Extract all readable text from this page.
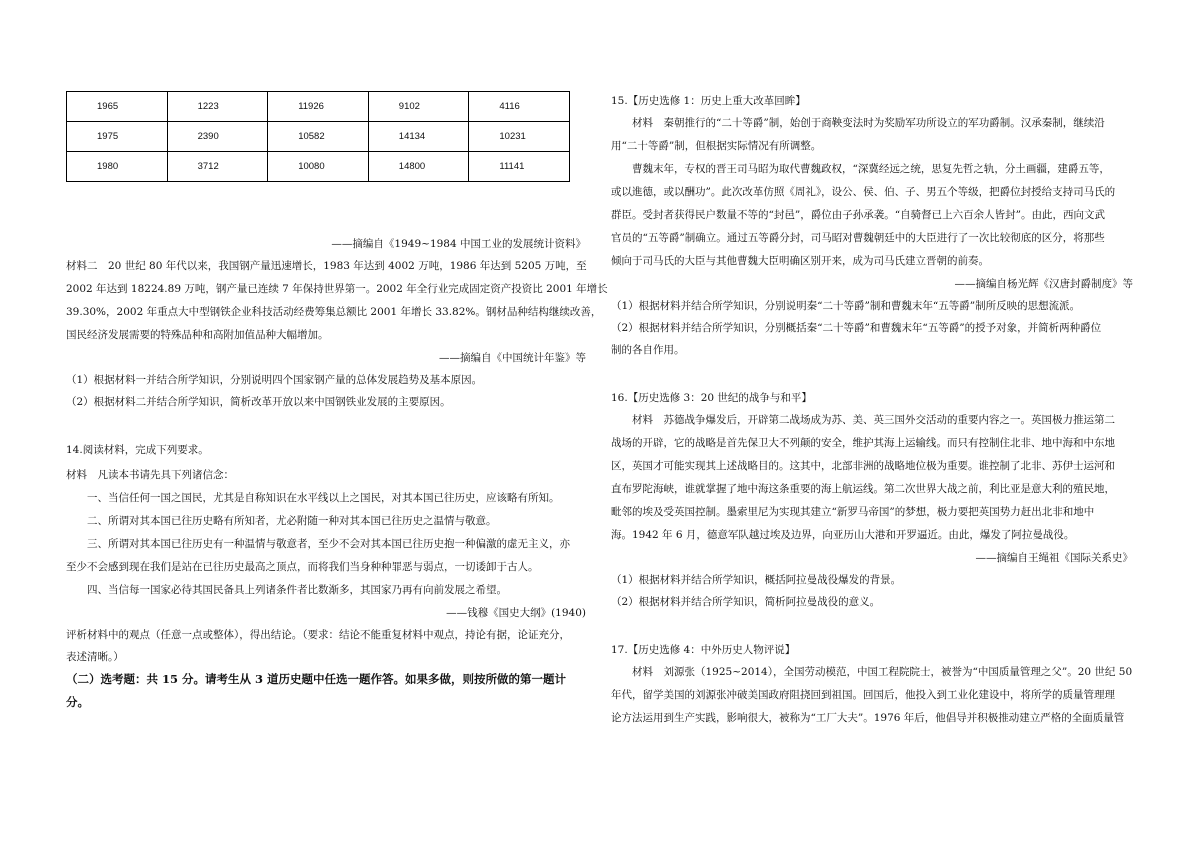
1965	1223	11926	9102	4116
1975	2390	10582	14134	10231
1980	3712	10080	14800	11141
——摘编自《1949~1984 中国工业的发展统计资料》

材料二　20 世纪 80 年代以来，我国钢产量迅速增长，1983 年达到 4002 万吨，1986 年达到 5205 万吨，至

2002 年达到 18224.89 万吨，钢产量已连续 7 年保持世界第一。2002 年全行业完成固定资产投资比 2001 年增长

39.30%，2002 年重点大中型钢铁企业科技活动经费筹集总额比 2001 年增长 33.82%。钢材品种结构继续改善，

国民经济发展需要的特殊品种和高附加值品种大幅增加。

——摘编自《中国统计年鉴》等

（1）根据材料一并结合所学知识，分别说明四个国家钢产量的总体发展趋势及基本原因。

（2）根据材料二并结合所学知识，简析改革开放以来中国钢铁业发展的主要原因。

14.阅读材料，完成下列要求。

材料　凡读本书请先具下列诸信念：

一、当信任何一国之国民，尤其是自称知识在水平线以上之国民，对其本国已往历史，应该略有所知。

二、所谓对其本国已往历史略有所知者，尤必附随一种对其本国已往历史之温情与敬意。

三、所谓对其本国已往历史有一种温情与敬意者，至少不会对其本国已往历史抱一种偏激的虚无主义，亦

至少不会感到现在我们是站在已往历史最高之顶点，而将我们当身种种罪恶与弱点，一切诿卸于古人。

四、当信每一国家必待其国民备具上列诸条件者比数渐多，其国家乃再有向前发展之希望。

——钱穆《国史大纲》(1940)

评析材料中的观点（任意一点或整体），得出结论。（要求：结论不能重复材料中观点，持论有据，论证充分，

表述清晰。）

（二）选考题：共 15 分。请考生从 3 道历史题中任选一题作答。如果多做，则按所做的第一题计

分。

15.【历史选修 1：历史上重大改革回眸】

材料　秦朝推行的“二十等爵”制，始创于商鞅变法时为奖励军功所设立的军功爵制。汉承秦制，继续沿

用“二十等爵”制，但根据实际情况有所调整。

曹魏末年，专权的晋王司马昭为取代曹魏政权，“深冀经远之统，思复先哲之轨，分土画疆，建爵五等，

或以進德，或以酬功”。此次改革仿照《周礼》，设公、侯、伯、子、男五个等级，把爵位封授给支持司马氏的

群臣。受封者获得民户数量不等的“封邑”，爵位由子孙承袭。“自骑督已上六百余人皆封”。由此，西向文武

官员的“五等爵”制确立。通过五等爵分封，司马昭对曹魏朝廷中的大臣进行了一次比较彻底的区分，将那些

倾向于司马氏的大臣与其他曹魏大臣明确区别开来，成为司马氏建立晋朝的前奏。

——摘编自杨光辉《汉唐封爵制度》等

（1）根据材料并结合所学知识，分别说明秦“二十等爵”制和曹魏末年“五等爵”制所反映的思想流派。

（2）根据材料并结合所学知识，分别概括秦“二十等爵”和曹魏末年“五等爵”的授予对象，并简析两种爵位

制的各自作用。

16.【历史选修 3：20 世纪的战争与和平】

材料　苏德战争爆发后，开辟第二战场成为苏、美、英三国外交活动的重要内容之一。英国极力推运第二

战场的开辟，它的战略是首先保卫大不列颠的安全，维护其海上运输线。而只有控制住北非、地中海和中东地

区，英国才可能实现其上述战略目的。这其中，北部非洲的战略地位极为重要。谁控制了北非、苏伊士运河和

直布罗陀海峡，谁就掌握了地中海这条重要的海上航运线。第二次世界大战之前，利比亚是意大利的殖民地，

毗邻的埃及受英国控制。墨索里尼为实现其建立“新罗马帝国”的梦想，极力要把英国势力赶出北非和地中

海。1942 年 6 月，德意军队越过埃及边界，向亚历山大港和开罗逼近。由此，爆发了阿拉曼战役。

——摘编自王绳祖《国际关系史》

（1）根据材料并结合所学知识，概括阿拉曼战役爆发的背景。

（2）根据材料并结合所学知识，简析阿拉曼战役的意义。

17.【历史选修 4：中外历史人物评说】

材料　刘源张（1925~2014），全国劳动模范，中国工程院院士，被誉为“中国质量管理之父”。20 世纪 50

年代，留学美国的刘源张冲破美国政府阻挠回到祖国。回国后，他投入到工业化建设中，将所学的质量管理理

论方法运用到生产实践，影响很大，被称为“工厂大夫”。1976 年后，他倡导并积极推动建立严格的全面质量管
